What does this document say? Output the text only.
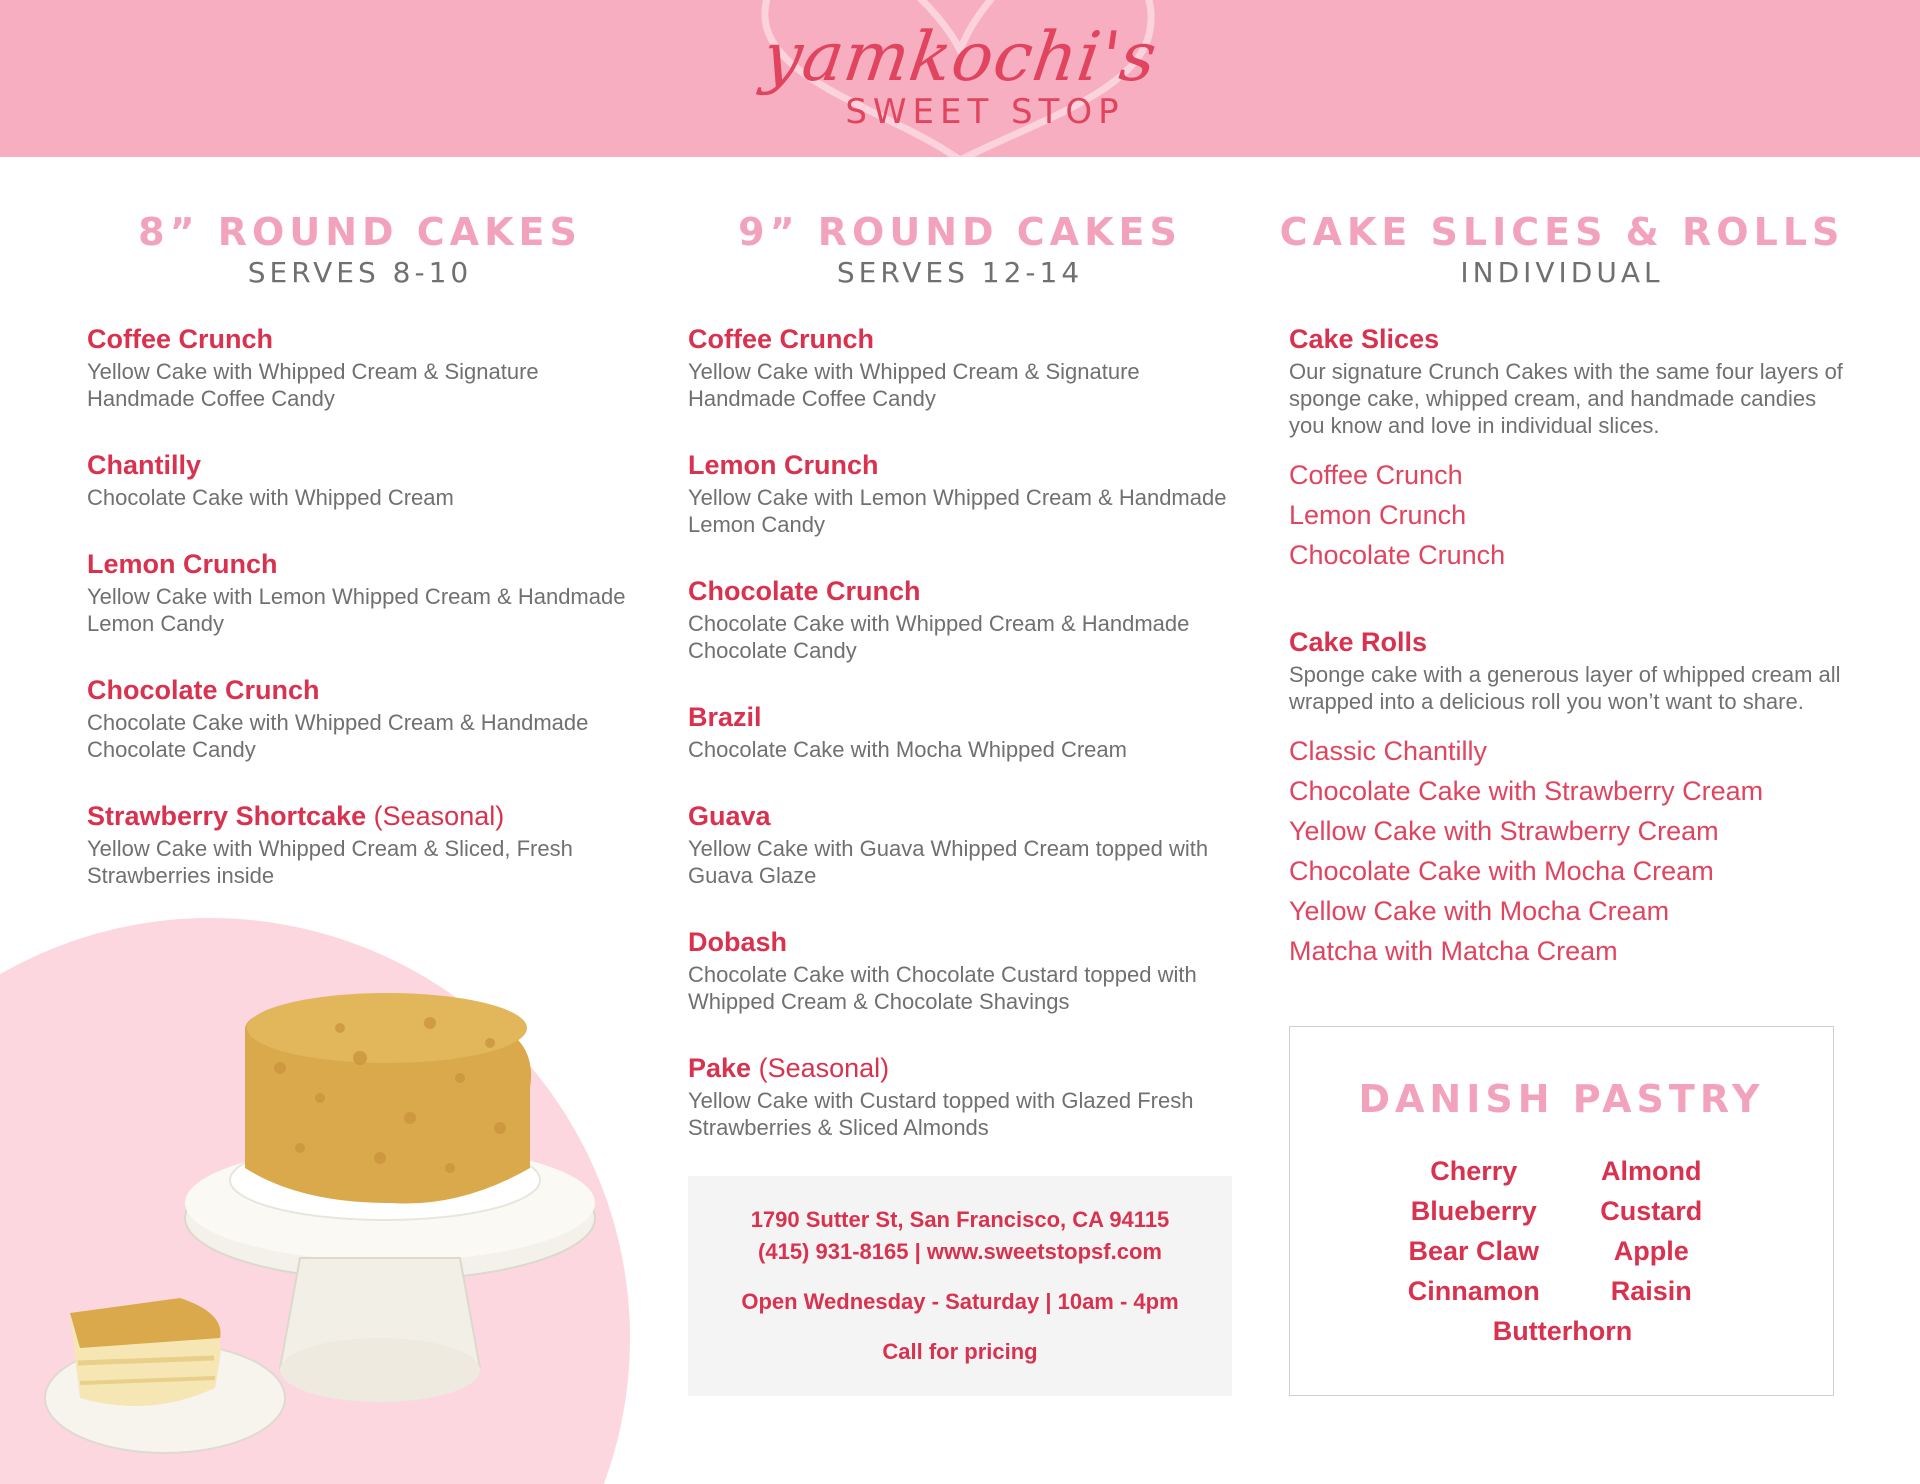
yamkochi's
SWEET STOP
8” ROUND CAKES
SERVES 8-10
Coffee Crunch
Yellow Cake with Whipped Cream & Signature Handmade Coffee Candy
Chantilly
Chocolate Cake with Whipped Cream
Lemon Crunch
Yellow Cake with Lemon Whipped Cream & Handmade Lemon Candy
Chocolate Crunch
Chocolate Cake with Whipped Cream & Handmade Chocolate Candy
Strawberry Shortcake (Seasonal)
Yellow Cake with Whipped Cream & Sliced, Fresh Strawberries inside
9” ROUND CAKES
SERVES 12-14
Coffee Crunch
Yellow Cake with Whipped Cream & Signature Handmade Coffee Candy
Lemon Crunch
Yellow Cake with Lemon Whipped Cream & Handmade Lemon Candy
Chocolate Crunch
Chocolate Cake with Whipped Cream & Handmade Chocolate Candy
Brazil
Chocolate Cake with Mocha Whipped Cream
Guava
Yellow Cake with Guava Whipped Cream topped with Guava Glaze
Dobash
Chocolate Cake with Chocolate Custard topped with Whipped Cream & Chocolate Shavings
Pake (Seasonal)
Yellow Cake with Custard topped with Glazed Fresh Strawberries & Sliced Almonds

1790 Sutter St, San Francisco, CA 94115

(415) 931-8165 | www.sweetstopsf.com

Open Wednesday - Saturday | 10am - 4pm

Call for pricing

CAKE SLICES & ROLLS
INDIVIDUAL
Cake Slices
Our signature Crunch Cakes with the same four layers of sponge cake, whipped cream, and handmade candies you know and love in individual slices.
Coffee Crunch
Lemon Crunch
Chocolate Crunch
Cake Rolls
Sponge cake with a generous layer of whipped cream all wrapped into a delicious roll you won’t want to share.
Classic Chantilly
Chocolate Cake with Strawberry Cream
Yellow Cake with Strawberry Cream
Chocolate Cake with Mocha Cream
Yellow Cake with Mocha Cream
Matcha with Matcha Cream
DANISH PASTRY
Cherry	Almond
Blueberry	Custard
Bear Claw	Apple
Cinnamon	Raisin
Butterhorn
